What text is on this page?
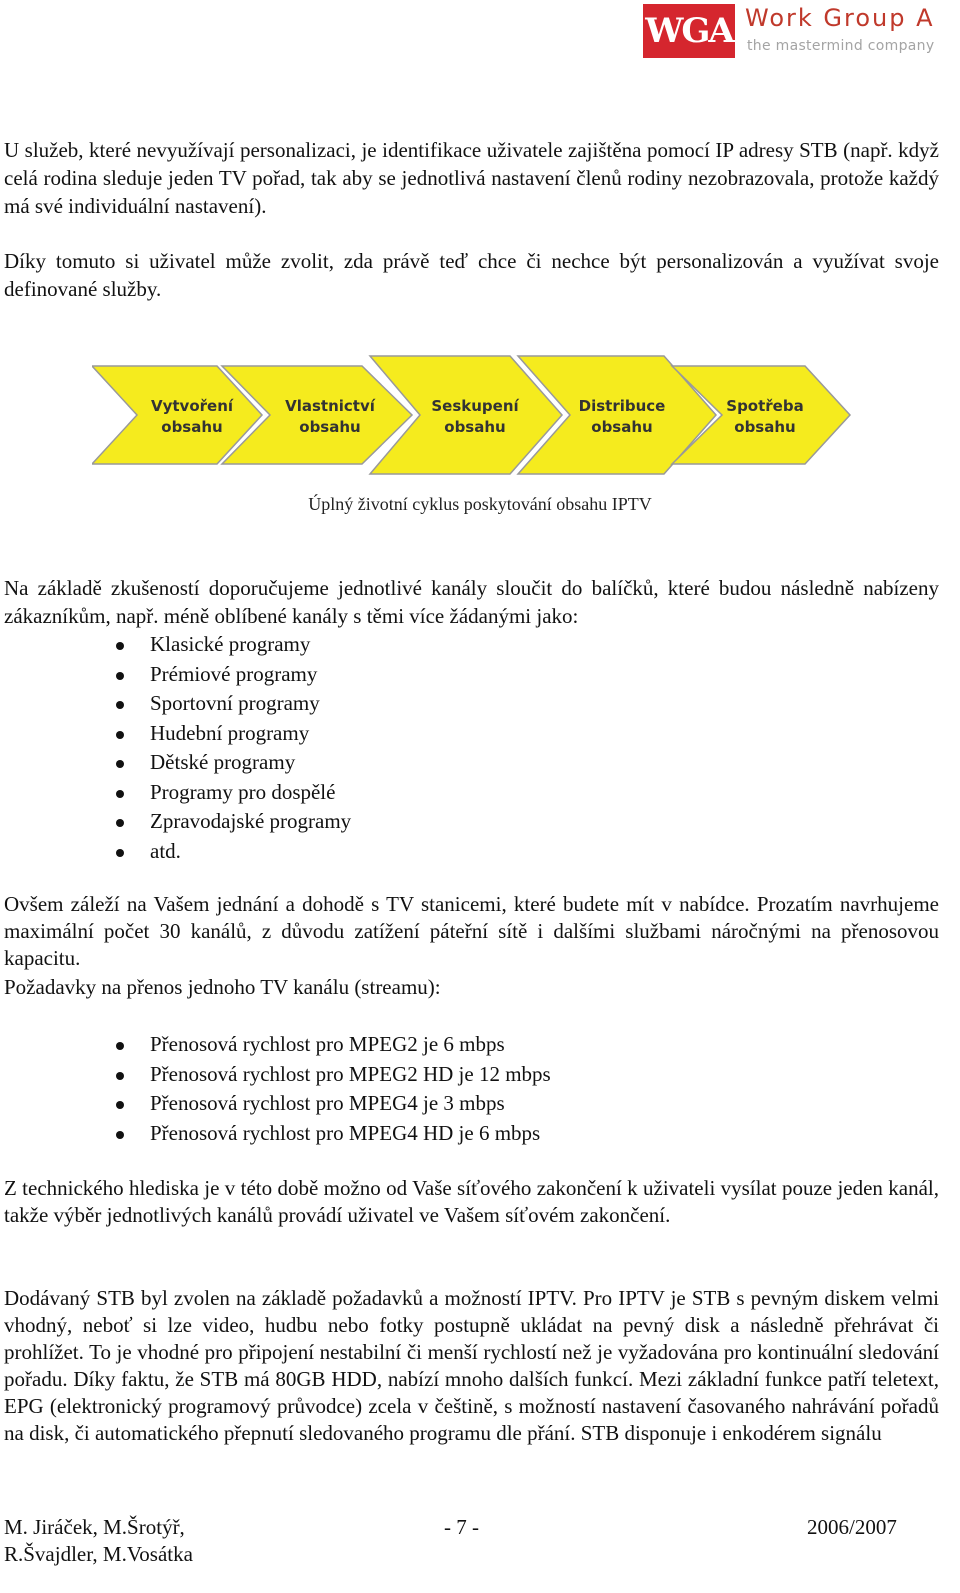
WGA Work Group A
the mastermind company

U služeb, které nevyužívají personalizaci, je identifikace uživatele zajištěna pomocí IP adresy STB (např. když celá rodina sleduje jeden TV pořad, tak aby se jednotlivá nastavení členů rodiny nezobrazovala, protože každý má své individuální nastavení).

Díky tomuto si uživatel může zvolit, zda právě teď chce či nechce být personalizován a využívat svoje definované služby.

Vytvoření
obsahu
Vlastnictví
obsahu
Seskupení
obsahu
Distribuce
obsahu
Spotřeba
obsahu
Úplný životní cyklus poskytování obsahu IPTV

Na základě zkušeností doporučujeme jednotlivé kanály sloučit do balíčků, které budou následně nabízeny zákazníkům, např. méně oblíbené kanály s těmi více žádanými jako:

Klasické programy
Prémiové programy
Sportovní programy
Hudební programy
Dětské programy
Programy pro dospělé
Zpravodajské programy
atd.

Ovšem záleží na Vašem jednání a dohodě s TV stanicemi, které budete mít v nabídce. Prozatím navrhujeme maximální počet 30 kanálů, z důvodu zatížení páteřní sítě i dalšími službami náročnými na přenosovou kapacitu.

Požadavky na přenos jednoho TV kanálu (streamu):

Přenosová rychlost pro MPEG2 je 6 mbps
Přenosová rychlost pro MPEG2 HD je 12 mbps
Přenosová rychlost pro MPEG4 je 3 mbps
Přenosová rychlost pro MPEG4 HD je 6 mbps

Z technického hlediska je v této době možno od Vaše síťového zakončení k uživateli vysílat pouze jeden kanál, takže výběr jednotlivých kanálů provádí uživatel ve Vašem síťovém zakončení.

Dodávaný STB byl zvolen na základě požadavků a možností IPTV. Pro IPTV je STB s pevným diskem velmi vhodný, neboť si lze video, hudbu nebo fotky postupně ukládat na pevný disk a následně přehrávat či prohlížet. To je vhodné pro připojení nestabilní či menší rychlostí než je vyžadována pro kontinuální sledování pořadu. Díky faktu, že STB má 80GB HDD, nabízí mnoho dalších funkcí. Mezi základní funkce patří teletext, EPG (elektronický programový průvodce) zcela v češtině, s možností nastavení časovaného nahrávání pořadů na disk, či automatického přepnutí sledovaného programu dle přání. STB disponuje i enkodérem signálu

M. Jiráček, M.Šrotýř,
R.Švajdler, M.Vosátka
- 7 -	2006/2007
